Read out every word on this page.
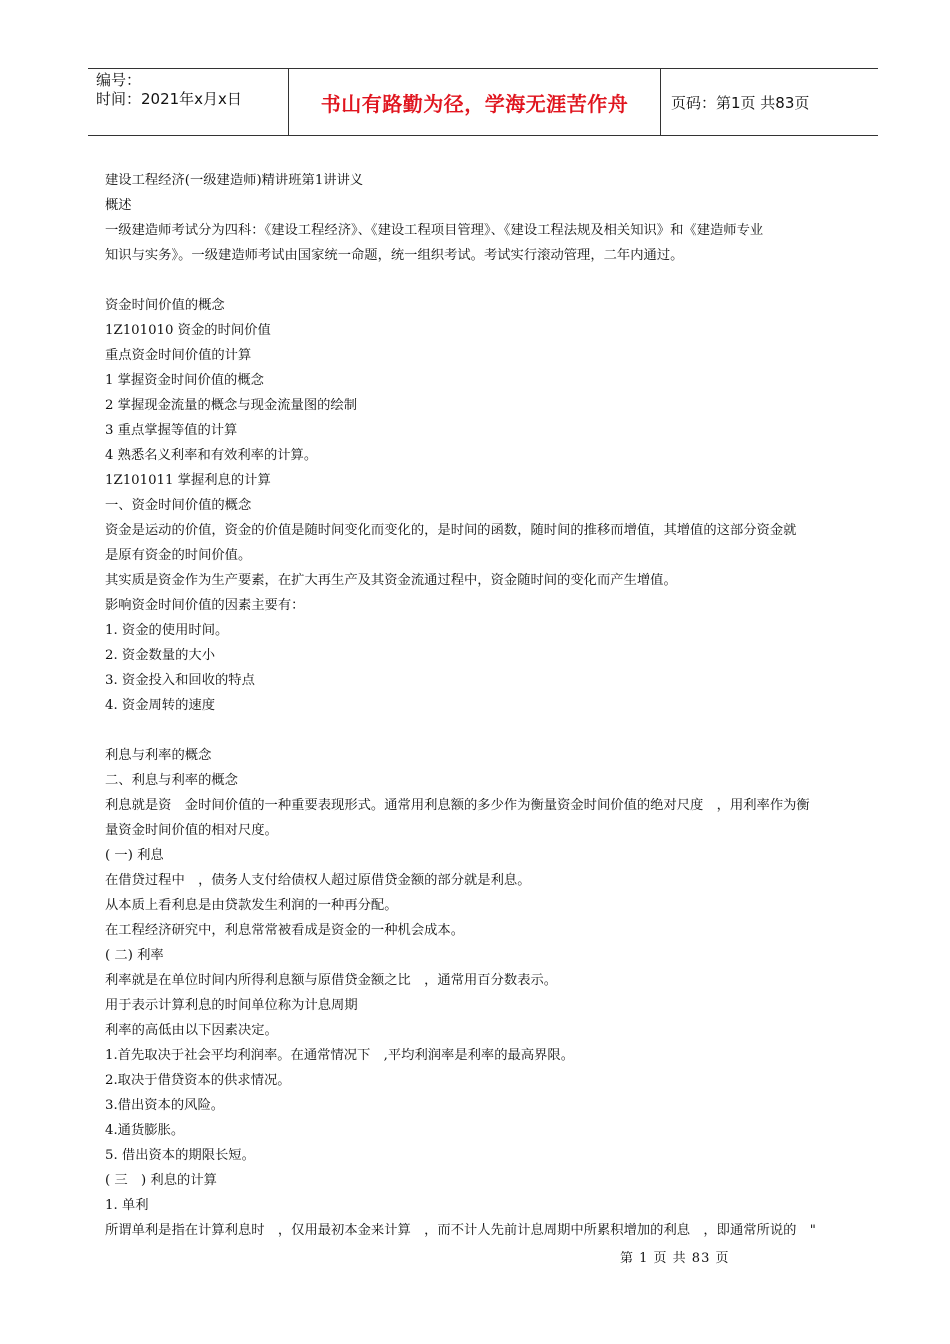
编号：
时间：2021年x月x日	书山有路勤为径，学海无涯苦作舟	页码：第1页 共83页

建设工程经济(一级建造师)精讲班第1讲讲义

概述

一级建造师考试分为四科：《建设工程经济》、《建设工程项目管理》、《建设工程法规及相关知识》和《建造师专业

知识与实务》。一级建造师考试由国家统一命题，统一组织考试。考试实行滚动管理，二年内通过。

资金时间价值的概念

1Z101010 资金的时间价值

重点资金时间价值的计算

1 掌握资金时间价值的概念

2 掌握现金流量的概念与现金流量图的绘制

3 重点掌握等值的计算

4 熟悉名义利率和有效利率的计算。

1Z101011 掌握利息的计算

一、资金时间价值的概念

资金是运动的价值，资金的价值是随时间变化而变化的，是时间的函数，随时间的推移而增值，其增值的这部分资金就

是原有资金的时间价值。

其实质是资金作为生产要素，在扩大再生产及其资金流通过程中，资金随时间的变化而产生增值。

影响资金时间价值的因素主要有：

1. 资金的使用时间。

2. 资金数量的大小

3. 资金投入和回收的特点

4. 资金周转的速度

利息与利率的概念

二、利息与利率的概念

利息就是资　金时间价值的一种重要表现形式。通常用利息额的多少作为衡量资金时间价值的绝对尺度　，用利率作为衡

量资金时间价值的相对尺度。

( 一) 利息

在借贷过程中　，债务人支付给债权人超过原借贷金额的部分就是利息。

从本质上看利息是由贷款发生利润的一种再分配。

在工程经济研究中，利息常常被看成是资金的一种机会成本。

( 二) 利率

利率就是在单位时间内所得利息额与原借贷金额之比　，通常用百分数表示。

用于表示计算利息的时间单位称为计息周期

利率的高低由以下因素决定。

1.首先取决于社会平均利润率。在通常情况下　,平均利润率是利率的最高界限。

2.取决于借贷资本的供求情况。

3.借出资本的风险。

4.通货膨胀。

5. 借出资本的期限长短。

( 三　) 利息的计算

1. 单利

所谓单利是指在计算利息时　，仅用最初本金来计算　，而不计人先前计息周期中所累积增加的利息　，即通常所说的　"

第 1 页 共 83 页
